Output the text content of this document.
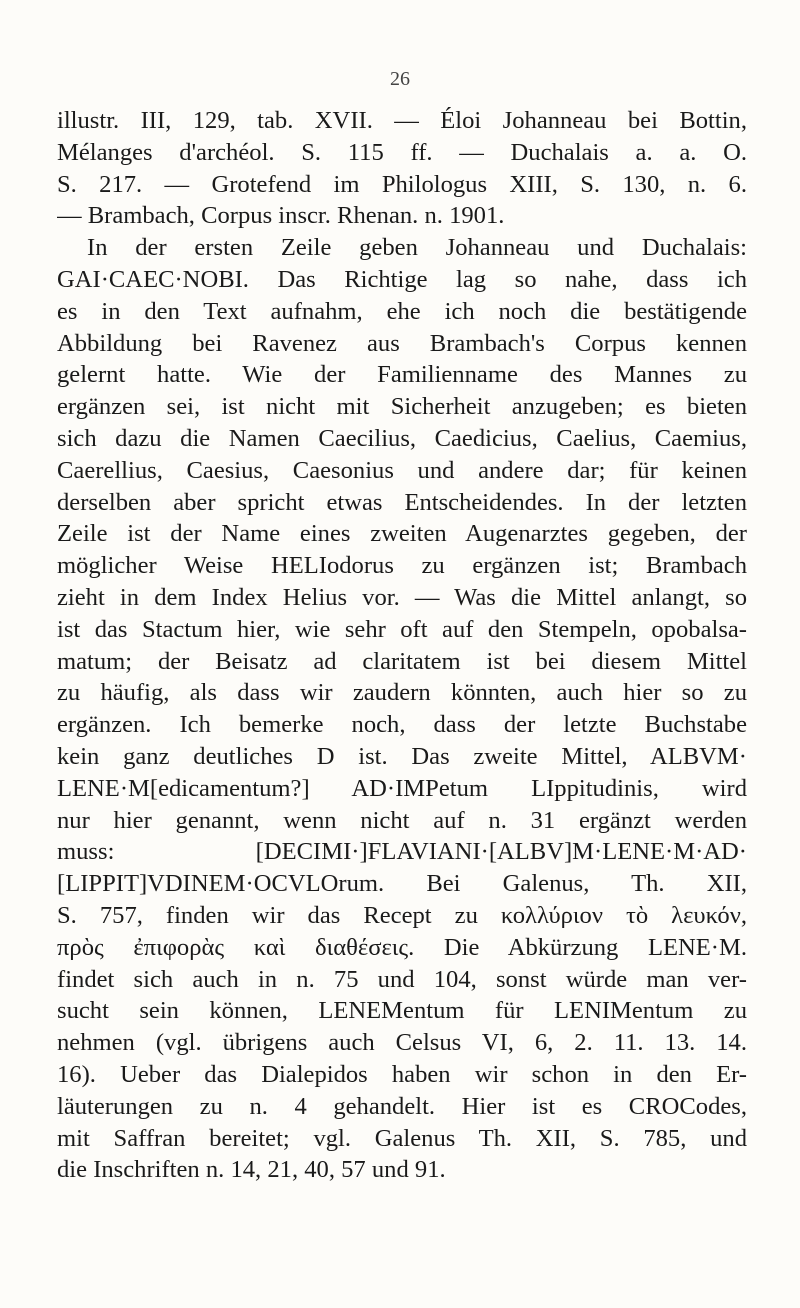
26
illustr. III, 129, tab. XVII. — Éloi Johanneau bei Bottin,
Mélanges d'archéol. S. 115 ff. — Duchalais a. a. O.
S. 217. — Grotefend im Philologus XIII, S. 130, n. 6.
— Brambach, Corpus inscr. Rhenan. n. 1901.
In der ersten Zeile geben Johanneau und Duchalais:
GAI·CAEC·NOBI. Das Richtige lag so nahe, dass ich
es in den Text aufnahm, ehe ich noch die bestätigende
Abbildung bei Ravenez aus Brambach's Corpus kennen
gelernt hatte. Wie der Familienname des Mannes zu
ergänzen sei, ist nicht mit Sicherheit anzugeben; es bieten
sich dazu die Namen Caecilius, Caedicius, Caelius, Caemius,
Caerellius, Caesius, Caesonius und andere dar; für keinen
derselben aber spricht etwas Entscheidendes. In der letzten
Zeile ist der Name eines zweiten Augenarztes gegeben, der
möglicher Weise HELIodorus zu ergänzen ist; Brambach
zieht in dem Index Helius vor. — Was die Mittel anlangt, so
ist das Stactum hier, wie sehr oft auf den Stempeln, opobalsa-
matum; der Beisatz ad claritatem ist bei diesem Mittel
zu häufig, als dass wir zaudern könnten, auch hier so zu
ergänzen. Ich bemerke noch, dass der letzte Buchstabe
kein ganz deutliches D ist. Das zweite Mittel, ALBVM·
LENE·M[edicamentum?] AD·IMPetum LIppitudinis, wird
nur hier genannt, wenn nicht auf n. 31 ergänzt werden
muss: [DECIMI·]FLAVIANI·[ALBV]M·LENE·M·AD·
[LIPPIT]VDINEM·OCVLOrum. Bei Galenus, Th. XII,
S. 757, finden wir das Recept zu κολλύριον τὸ λευκόν,
πρὸς ἐπιφορὰς καὶ διαθέσεις. Die Abkürzung LENE·M.
findet sich auch in n. 75 und 104, sonst würde man ver-
sucht sein können, LENEMentum für LENIMentum zu
nehmen (vgl. übrigens auch Celsus VI, 6, 2. 11. 13. 14.
16). Ueber das Dialepidos haben wir schon in den Er-
läuterungen zu n. 4 gehandelt. Hier ist es CROCodes,
mit Saffran bereitet; vgl. Galenus Th. XII, S. 785, und
die Inschriften n. 14, 21, 40, 57 und 91.
